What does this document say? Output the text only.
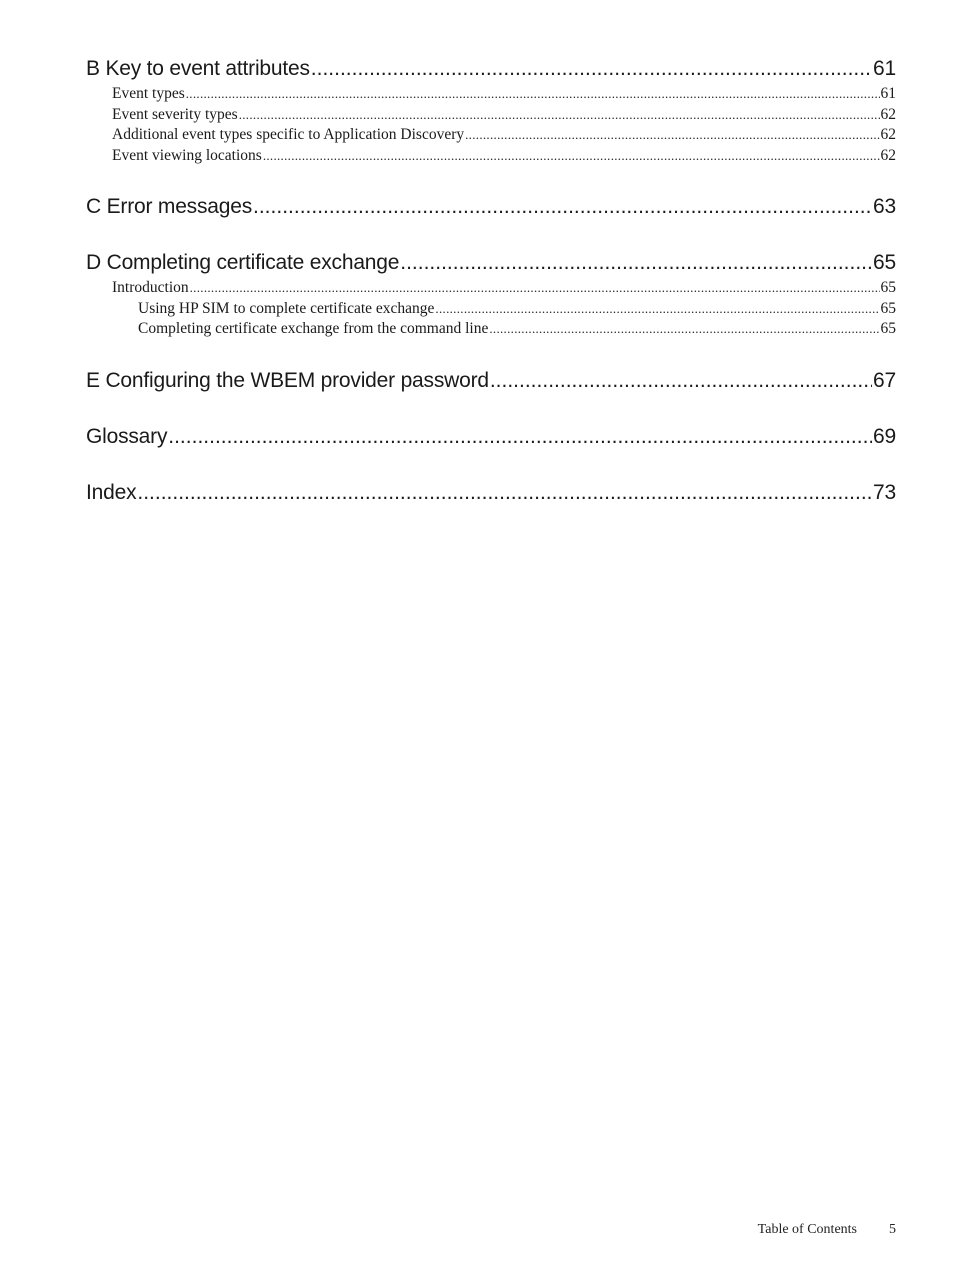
B Key to event attributes .....	61
Event types .....	61
Event severity types .....	62
Additional event types specific to Application Discovery .....	62
Event viewing locations .....	62
C Error messages .....	63
D Completing certificate exchange .....	65
Introduction .....	65
Using HP SIM to complete certificate exchange .....	65
Completing certificate exchange from the command line .....	65
E Configuring the WBEM provider password .....	67
Glossary .....	69
Index .....	73
Table of Contents 5
